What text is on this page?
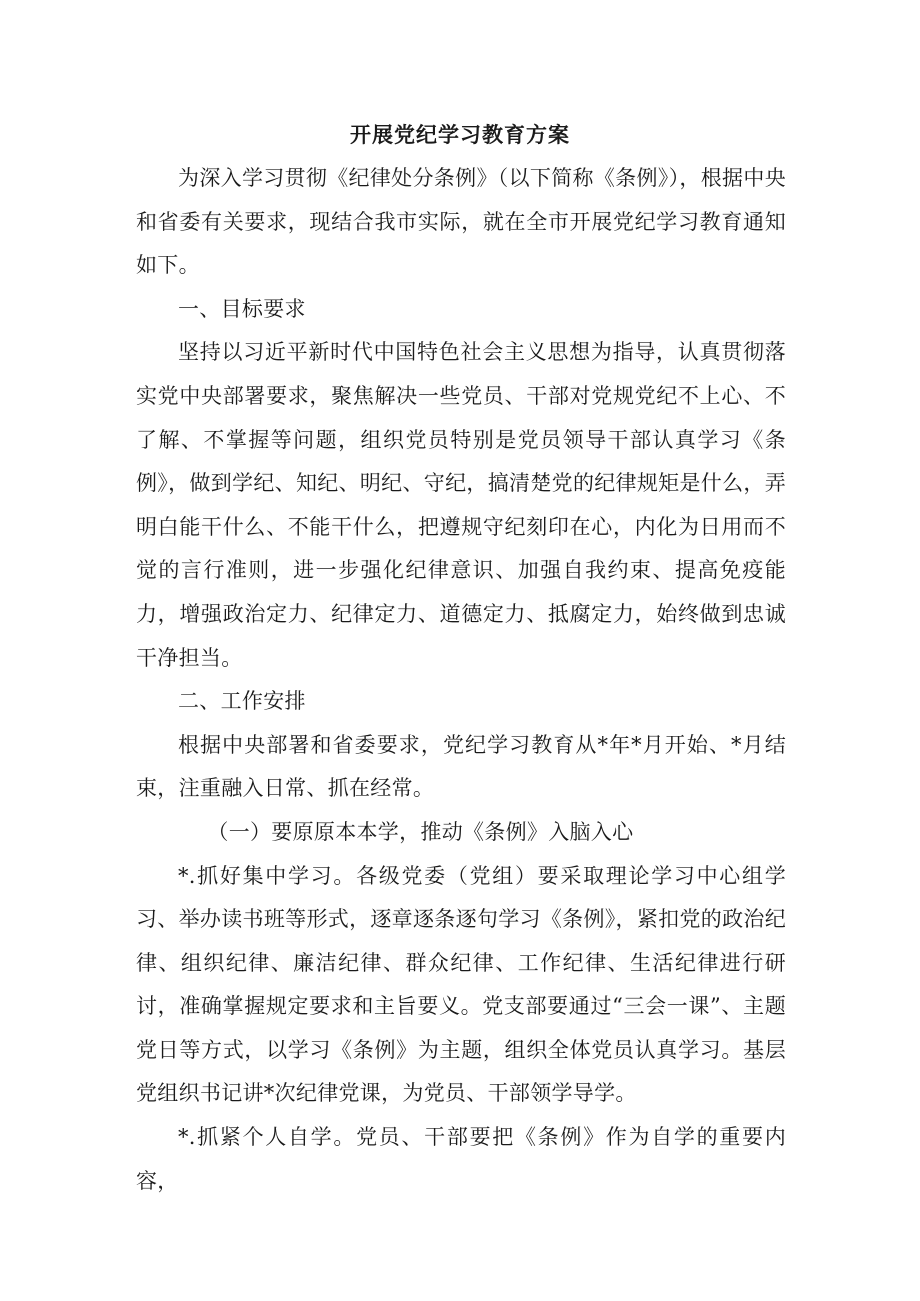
开展党纪学习教育方案

为深入学习贯彻《纪律处分条例》（以下简称《条例》），根据中央和省委有关要求，现结合我市实际，就在全市开展党纪学习教育通知如下。

一、目标要求

坚持以习近平新时代中国特色社会主义思想为指导，认真贯彻落实党中央部署要求，聚焦解决一些党员、干部对党规党纪不上心、不了解、不掌握等问题，组织党员特别是党员领导干部认真学习《条例》，做到学纪、知纪、明纪、守纪，搞清楚党的纪律规矩是什么，弄明白能干什么、不能干什么，把遵规守纪刻印在心，内化为日用而不觉的言行准则，进一步强化纪律意识、加强自我约束、提高免疫能力，增强政治定力、纪律定力、道德定力、抵腐定力，始终做到忠诚干净担当。

二、工作安排

根据中央部署和省委要求，党纪学习教育从*年*月开始、*月结束，注重融入日常、抓在经常。

（一）要原原本本学，推动《条例》入脑入心

*.抓好集中学习。各级党委（党组）要采取理论学习中心组学习、举办读书班等形式，逐章逐条逐句学习《条例》，紧扣党的政治纪律、组织纪律、廉洁纪律、群众纪律、工作纪律、生活纪律进行研讨，准确掌握规定要求和主旨要义。党支部要通过“三会一课”、主题党日等方式，以学习《条例》为主题，组织全体党员认真学习。基层党组织书记讲*次纪律党课，为党员、干部领学导学。

*.抓紧个人自学。党员、干部要把《条例》作为自学的重要内容，
